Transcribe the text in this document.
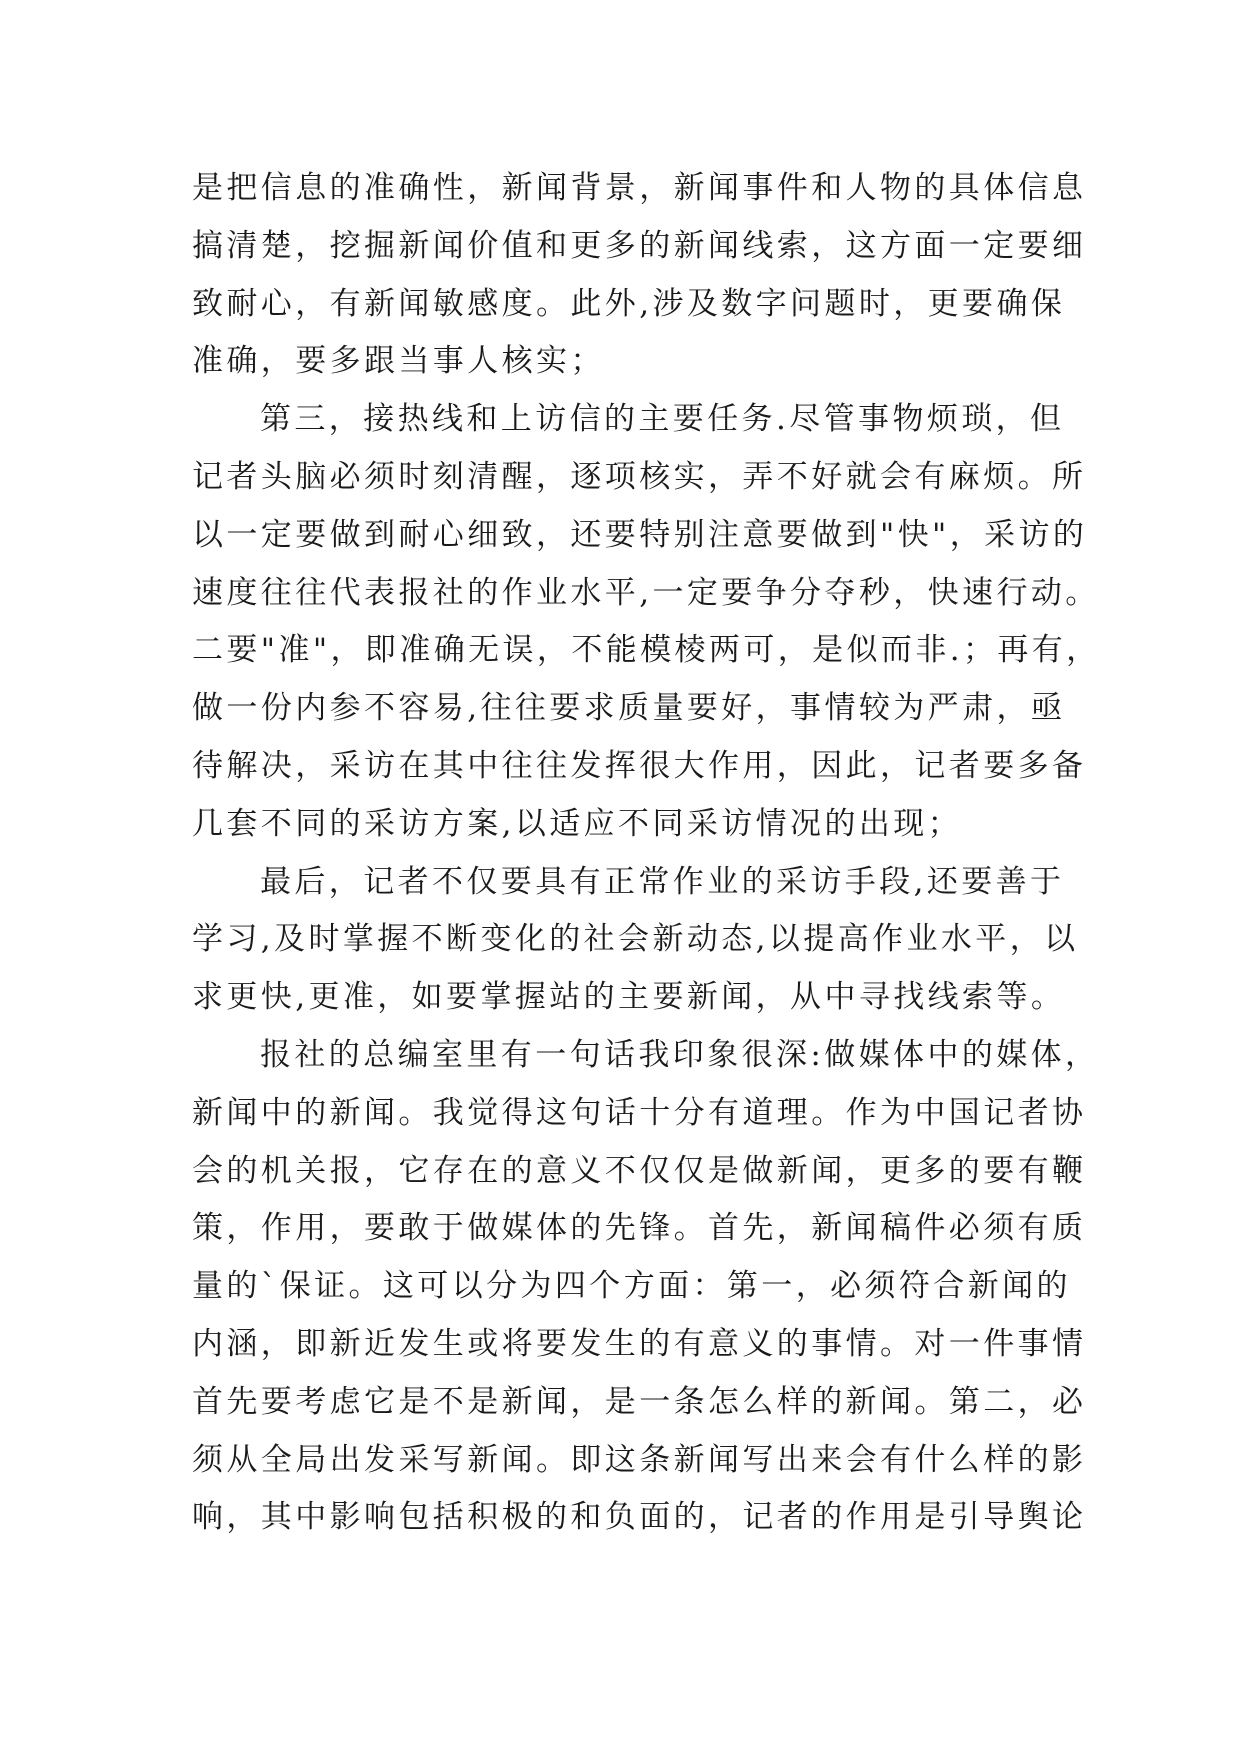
是把信息的准确性，新闻背景，新闻事件和人物的具体信息
搞清楚，挖掘新闻价值和更多的新闻线索，这方面一定要细
致耐心，有新闻敏感度。此外,涉及数字问题时，更要确保
准确，要多跟当事人核实；
第三，接热线和上访信的主要任务.尽管事物烦琐，但
记者头脑必须时刻清醒，逐项核实，弄不好就会有麻烦。所
以一定要做到耐心细致，还要特别注意要做到"快"，采访的
速度往往代表报社的作业水平,一定要争分夺秒，快速行动。
二要"准"，即准确无误，不能模棱两可，是似而非.；再有，
做一份内参不容易,往往要求质量要好，事情较为严肃，亟
待解决，采访在其中往往发挥很大作用，因此，记者要多备
几套不同的采访方案,以适应不同采访情况的出现；
最后，记者不仅要具有正常作业的采访手段,还要善于
学习,及时掌握不断变化的社会新动态,以提高作业水平，以
求更快,更准，如要掌握站的主要新闻，从中寻找线索等。
报社的总编室里有一句话我印象很深:做媒体中的媒体，
新闻中的新闻。我觉得这句话十分有道理。作为中国记者协
会的机关报，它存在的意义不仅仅是做新闻，更多的要有鞭
策，作用，要敢于做媒体的先锋。首先，新闻稿件必须有质
量的`保证。这可以分为四个方面：第一，必须符合新闻的
内涵，即新近发生或将要发生的有意义的事情。对一件事情
首先要考虑它是不是新闻，是一条怎么样的新闻。第二，必
须从全局出发采写新闻。即这条新闻写出来会有什么样的影
响，其中影响包括积极的和负面的，记者的作用是引导舆论
